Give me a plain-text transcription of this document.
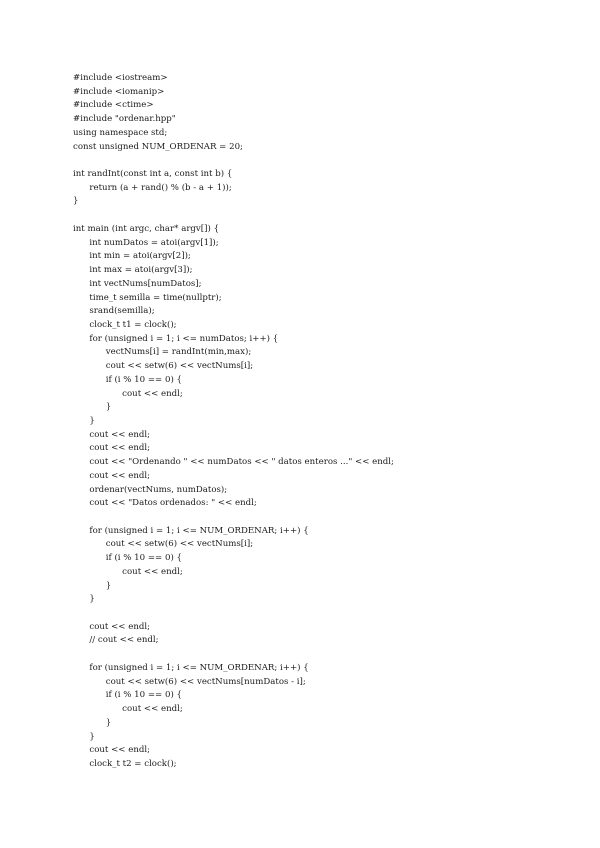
#include <iostream>
#include <iomanip>
#include <ctime>
#include "ordenar.hpp"
using namespace std;
const unsigned NUM_ORDENAR = 20;
int randInt(const int a, const int b) {
return (a + rand() % (b - a + 1));
}
int main (int argc, char* argv[]) {
int numDatos = atoi(argv[1]);
int min = atoi(argv[2]);
int max = atoi(argv[3]);
int vectNums[numDatos];
time_t semilla = time(nullptr);
srand(semilla);
clock_t t1 = clock();
for (unsigned i = 1; i <= numDatos; i++) {
vectNums[i] = randInt(min,max);
cout << setw(6) << vectNums[i];
if (i % 10 == 0) {
cout << endl;
}
}
cout << endl;
cout << endl;
cout << "Ordenando " << numDatos << " datos enteros ..." << endl;
cout << endl;
ordenar(vectNums, numDatos);
cout << "Datos ordenados: " << endl;
for (unsigned i = 1; i <= NUM_ORDENAR; i++) {
cout << setw(6) << vectNums[i];
if (i % 10 == 0) {
cout << endl;
}
}
cout << endl;
// cout << endl;
for (unsigned i = 1; i <= NUM_ORDENAR; i++) {
cout << setw(6) << vectNums[numDatos - i];
if (i % 10 == 0) {
cout << endl;
}
}
cout << endl;
clock_t t2 = clock();
